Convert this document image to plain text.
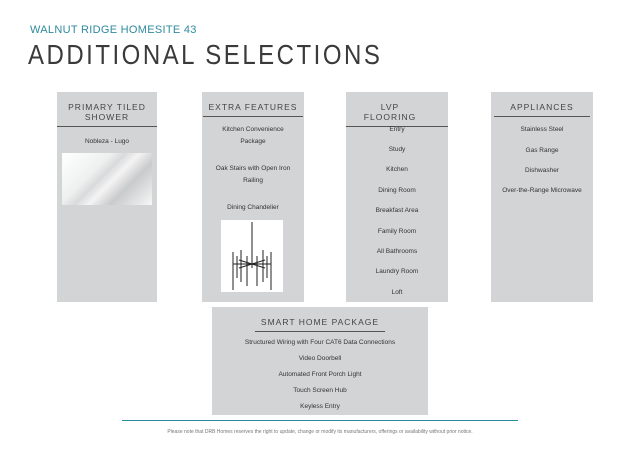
WALNUT RIDGE HOMESITE 43
ADDITIONAL SELECTIONS
PRIMARY TILED SHOWER
Nobleza - Lugo
EXTRA FEATURES
Kitchen Convenience Package
Oak Stairs with Open Iron Railing
Dining Chandelier
LVP FLOORING
Entry
Study
Kitchen
Dining Room
Breakfast Area
Family Room
All Bathrooms
Laundry Room
Loft
APPLIANCES
Stainless Steel
Gas Range
Dishwasher
Over-the-Range Microwave
SMART HOME PACKAGE
Structured Wiring with Four CAT6 Data Connections
Video Doorbell
Automated Front Porch Light
Touch Screen Hub
Keyless Entry
Please note that DRB Homes reserves the right to update, change or modify its manufacturers, offerings or availability without prior notice.
